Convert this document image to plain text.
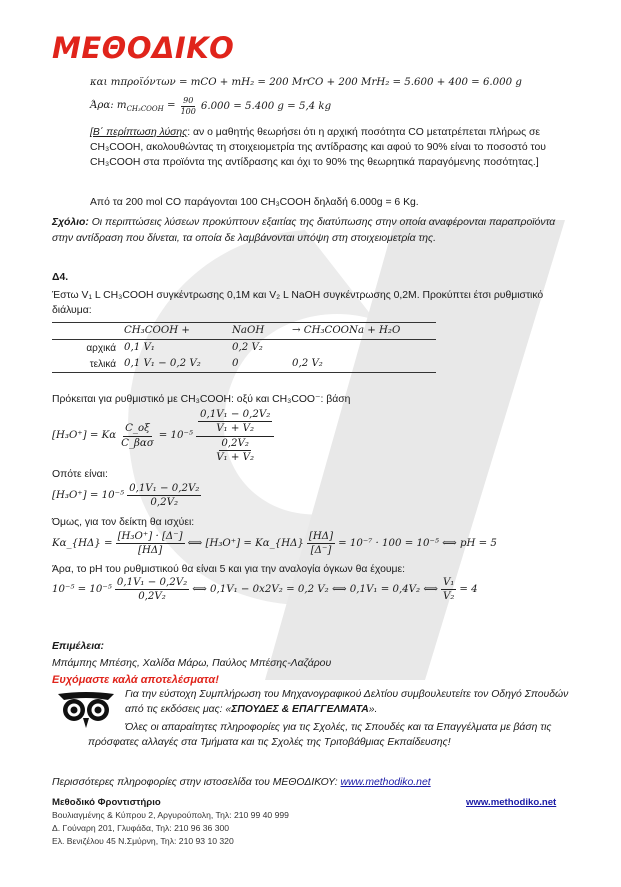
ΜΕΘΟΔΙΚΟ
και mπροϊόντων = mCO + mH₂ = 200 MrCO + 200 MrH₂ = 5.600 + 400 = 6.000 g
Άρα: $m_{CH_3COOH} = \frac{90}{100} 6.000 = 5.400$ g = 5,4 kg
[Β΄ περίπτωση λύσης: αν ο μαθητής θεωρήσει ότι η αρχική ποσότητα CO μετατρέπεται πλήρως σε CH₃COOH, ακολουθώντας τη στοιχειομετρία της αντίδρασης και αφού το 90% είναι το ποσοστό του CH₃COOH στα προϊόντα της αντίδρασης και όχι το 90% της θεωρητικά παραγόμενης ποσότητας.]
Από τα 200 mol CO παράγονται 100 CH₃COOH δηλαδή 6.000g = 6 Kg.
Σχόλιο: Οι περιπτώσεις λύσεων προκύπτουν εξαιτίας της διατύπωσης στην οποία αναφέρονται παραπροϊόντα στην αντίδραση που δίνεται, τα οποία δε λαμβάνονται υπόψη στη στοιχειομετρία της.
Δ4.
Έστω V₁ L CH₃COOH συγκέντρωσης 0,1M και V₂ L NaOH συγκέντρωσης 0,2M. Προκύπτει έτσι ρυθμιστικό διάλυμα:
	CH₃COOH +	NaOH	→ CH₃COONa + H₂O
αρχικά	0,1 V₁	0,2 V₂	
τελικά	0,1 V₁ − 0,2 V₂	0	0,2 V₂
Πρόκειται για ρυθμιστικό με CH₃COOH: οξύ και CH₃COO⁻: βάση
[H₃O⁺] = Κα $\frac{C\_o\xi}{\text{C\_βασ}} = 10^{-5} \frac{\frac{\text{0,1V₁ − 0,2V₂}}{\text{V₁ + V₂}}}{\frac{\text{0,2V₂}}{\text{V₁ + V₂}}}$
Οπότε είναι:
$[H_3O^+] = 10^{-5} \frac{\text{0,1V₁ − 0,2V₂}}{\text{0,2V₂}}$
Όμως, για τον δείκτη θα ισχύει:
Κα_{HΔ} = $\frac{\text{[H₃O⁺] · [Δ⁻]}}{[H\Delta]}$ ⟺ [H₃O⁺] = Κα_{HΔ} $\frac{[H\Delta]}{[\Delta^-]} = 10^{-7} \cdot 100 = 10^{-5}$ ⟺ pH = 5
Άρα, το pH του ρυθμιστικού θα είναι 5 και για την αναλογία όγκων θα έχουμε:
$10^{-5} = 10^{-5} \frac{\text{0,1V₁ − 0,2V₂}}{\text{0,2V₂}}$ ⟺ 0,1V₁ − 0x2V₂ = 0,2 V₂ ⟺ 0,1V₁ = 0,4V₂ ⟺ $\frac{\text{V₁}}{\text{V₂}} = 4$
Επιμέλεια:
Μπάμπης Μπέσης, Χαλίδα Μάρω, Παύλος Μπέσης-Λαζάρου
Ευχόμαστε καλά αποτελέσματα!
Για την εύστοχη Συμπλήρωση του Μηχανογραφικού Δελτίου συμβουλευτείτε τον Οδηγό Σπουδών από τις εκδόσεις μας: «ΣΠΟΥΔΕΣ & ΕΠΑΓΓΕΛΜΑΤΑ».
Όλες οι απαραίτητες πληροφορίες για τις Σχολές, τις Σπουδές και τα Επαγγέλματα με βάση τις πρόσφατες αλλαγές στα Τμήματα και τις Σχολές της Τριτοβάθμιας Εκπαίδευσης!
Περισσότερες πληροφορίες στην ιστοσελίδα του ΜΕΘΟΔΙΚΟΥ: www.methodiko.net
Μεθοδικό Φροντιστήριο	www.methodiko.net
Βουλιαγμένης & Κύπρου 2, Αργυρούπολη, Τηλ: 210 99 40 999
Δ. Γούναρη 201, Γλυφάδα, Τηλ: 210 96 36 300
Ελ. Βενιζέλου 45 Ν.Σμύρνη, Τηλ: 210 93 10 320
